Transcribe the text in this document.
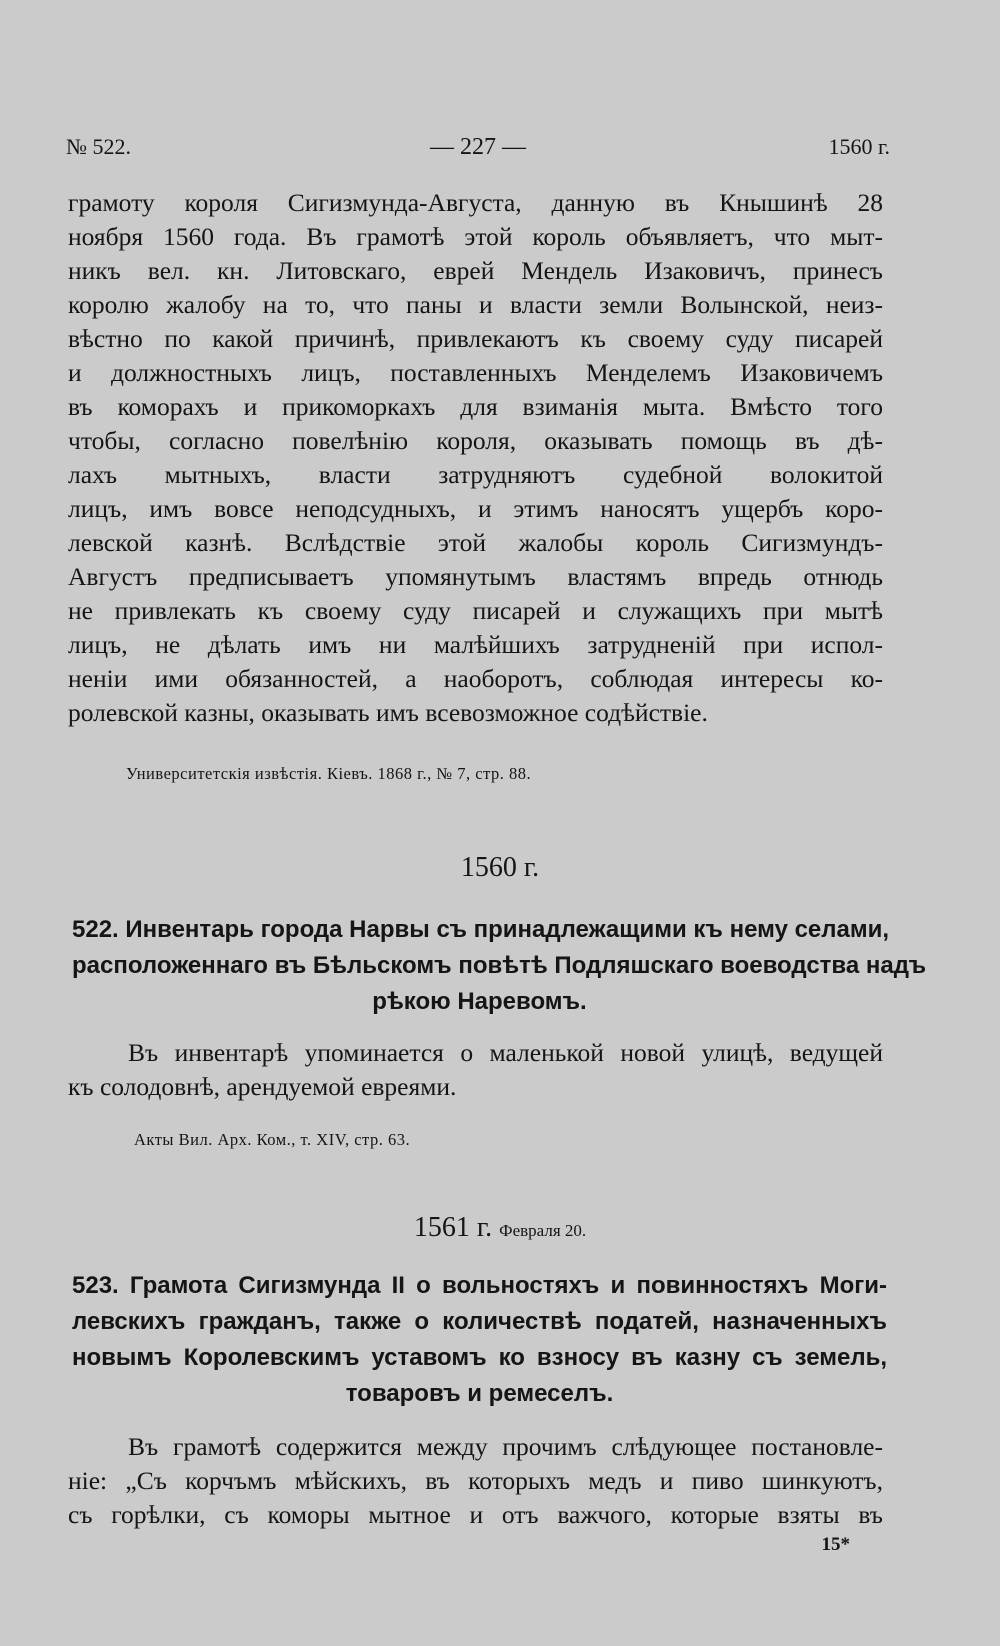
№ 522.	— 227 —	1560 г.
грамоту короля Сигизмунда-Августа, данную въ Кнышинѣ 28
ноября 1560 года. Въ грамотѣ этой король объявляетъ, что мыт-
никъ вел. кн. Литовскаго, еврей Мендель Изаковичъ, принесъ
королю жалобу на то, что паны и власти земли Волынской, неиз-
вѣстно по какой причинѣ, привлекаютъ къ своему суду писарей
и должностныхъ лицъ, поставленныхъ Менделемъ Изаковичемъ
въ коморахъ и прикоморкахъ для взиманія мыта. Вмѣсто того
чтобы, согласно повелѣнію короля, оказывать помощь въ дѣ-
лахъ мытныхъ, власти затрудняютъ судебной волокитой
лицъ, имъ вовсе неподсудныхъ, и этимъ наносятъ ущербъ коро-
левской казнѣ. Вслѣдствіе этой жалобы король Сигизмундъ-
Августъ предписываетъ упомянутымъ властямъ впредь отнюдь
не привлекать къ своему суду писарей и служащихъ при мытѣ
лицъ, не дѣлать имъ ни малѣйшихъ затрудненій при испол-
неніи ими обязанностей, а наоборотъ, соблюдая интересы ко-
ролевской казны, оказывать имъ всевозможное содѣйствіе.
Университетскія извѣстія. Кіевъ. 1868 г., № 7, стр. 88.
1560 г.
522. Инвентарь города Нарвы съ принадлежащими къ нему селами,
расположеннаго въ Бѣльскомъ повѣтѣ Подляшскаго воеводства надъ
рѣкою Наревомъ.
Въ инвентарѣ упоминается о маленькой новой улицѣ, ведущей
къ солодовнѣ, арендуемой евреями.
Акты Вил. Арх. Ком., т. XIV, стр. 63.
1561 г. Февраля 20.
523. Грамота Сигизмунда II о вольностяхъ и повинностяхъ Моги-
левскихъ гражданъ, также о количествѣ податей, назначенныхъ
новымъ Королевскимъ уставомъ ко взносу въ казну съ земель,
товаровъ и ремеселъ.
Въ грамотѣ содержится между прочимъ слѣдующее постановле-
ніе: „Съ корчъмъ мѣйскихъ, въ которыхъ медъ и пиво шинкуютъ,
съ горѣлки, съ коморы мытное и отъ важчого, которые взяты въ
15*
